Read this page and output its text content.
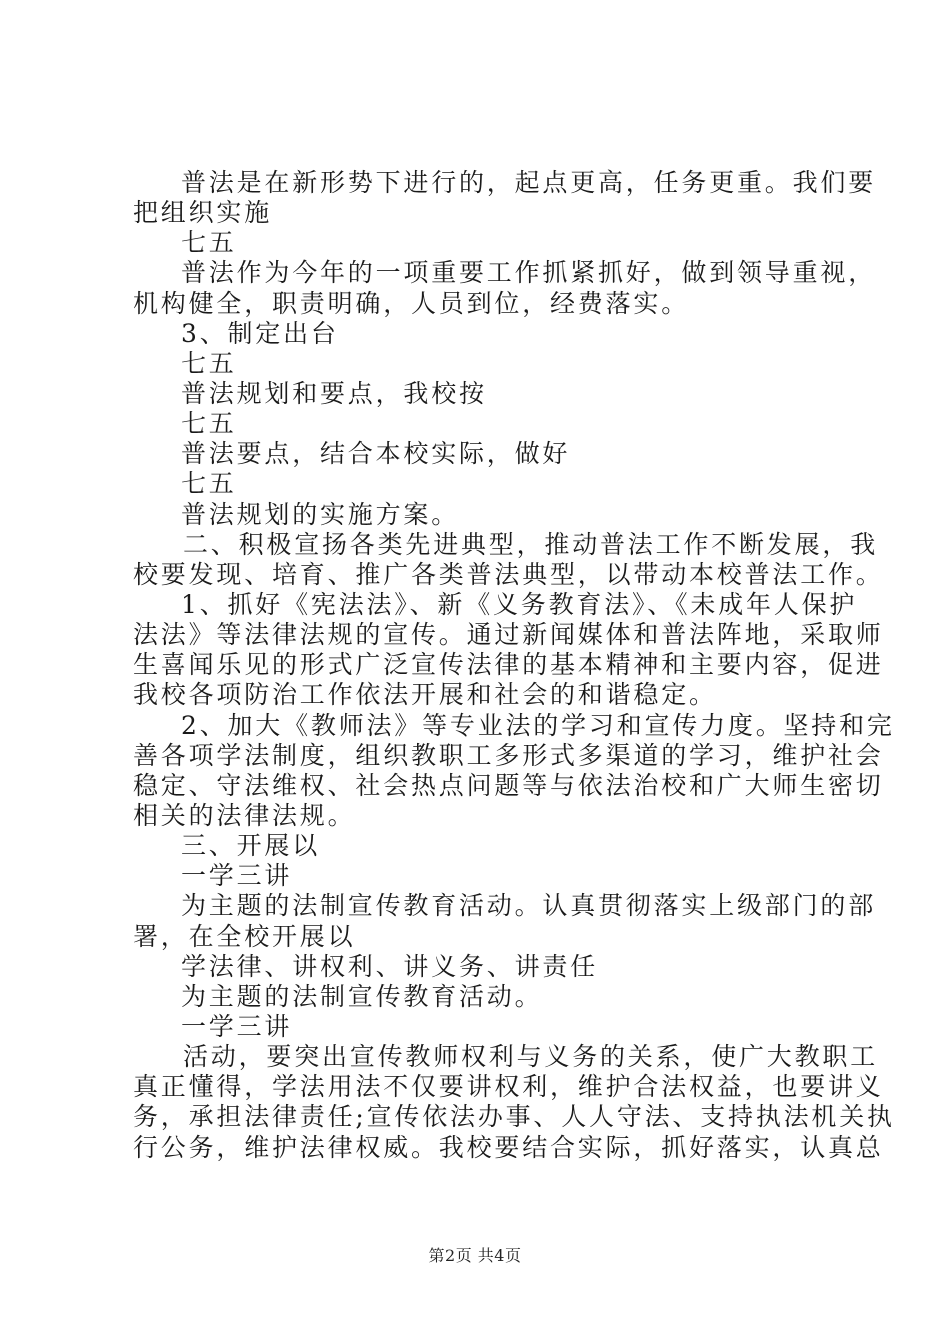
普法是在新形势下进行的，起点更高，任务更重。我们要
把组织实施
七五
普法作为今年的一项重要工作抓紧抓好，做到领导重视，
机构健全，职责明确，人员到位，经费落实。
3、制定出台
七五
普法规划和要点，我校按
七五
普法要点，结合本校实际，做好
七五
普法规划的实施方案。
二、积极宣扬各类先进典型，推动普法工作不断发展，我
校要发现、培育、推广各类普法典型，以带动本校普法工作。
1、抓好《宪法法》、新《义务教育法》、《未成年人保护
法法》等法律法规的宣传。通过新闻媒体和普法阵地，采取师
生喜闻乐见的形式广泛宣传法律的基本精神和主要内容，促进
我校各项防治工作依法开展和社会的和谐稳定。
2、加大《教师法》等专业法的学习和宣传力度。坚持和完
善各项学法制度，组织教职工多形式多渠道的学习，维护社会
稳定、守法维权、社会热点问题等与依法治校和广大师生密切
相关的法律法规。
三、开展以
一学三讲
为主题的法制宣传教育活动。认真贯彻落实上级部门的部
署，在全校开展以
学法律、讲权利、讲义务、讲责任
为主题的法制宣传教育活动。
一学三讲
活动，要突出宣传教师权利与义务的关系，使广大教职工
真正懂得，学法用法不仅要讲权利，维护合法权益，也要讲义
务，承担法律责任;宣传依法办事、人人守法、支持执法机关执
行公务，维护法律权威。我校要结合实际，抓好落实，认真总
第2页 共4页
